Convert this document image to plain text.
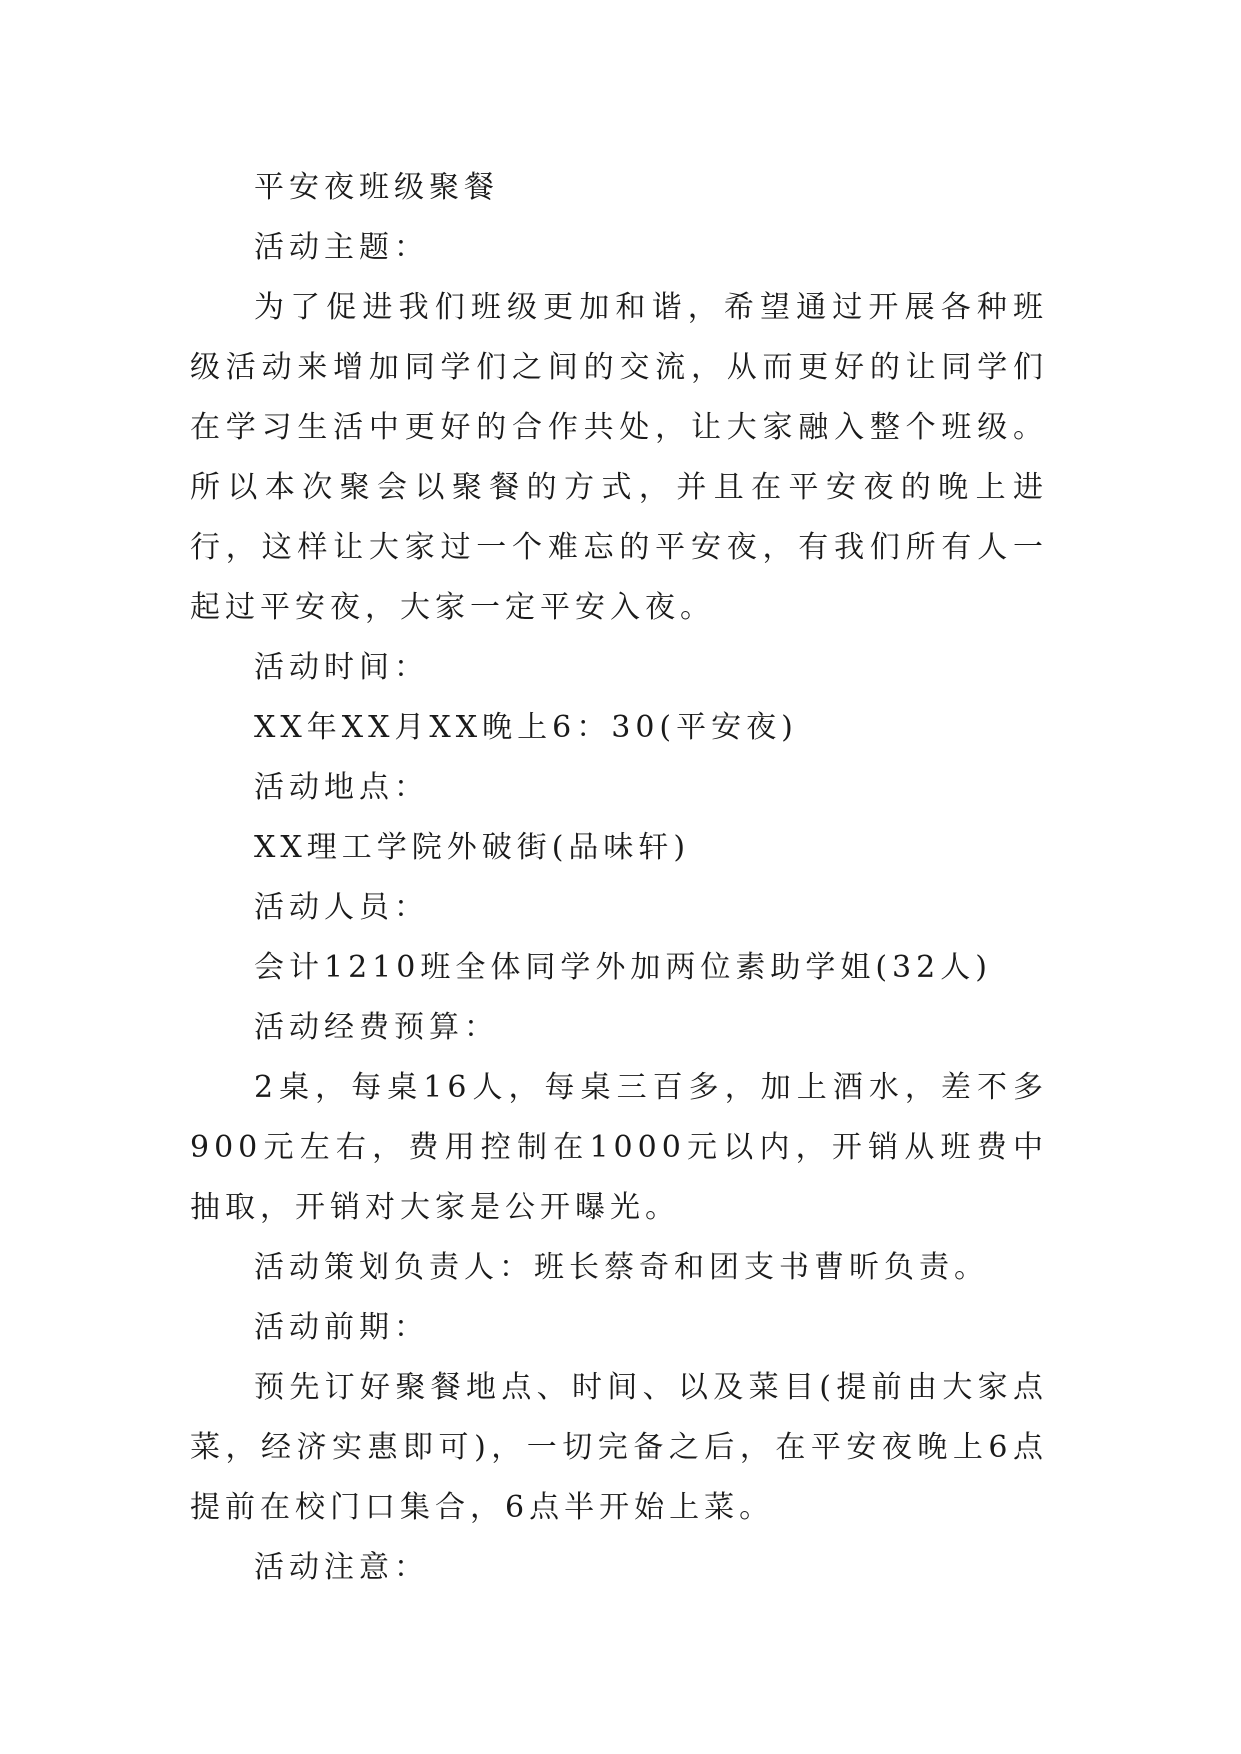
平安夜班级聚餐

活动主题：

为了促进我们班级更加和谐，希望通过开展各种班级活动来增加同学们之间的交流，从而更好的让同学们在学习生活中更好的合作共处，让大家融入整个班级。所以本次聚会以聚餐的方式，并且在平安夜的晚上进行，这样让大家过一个难忘的平安夜，有我们所有人一起过平安夜，大家一定平安入夜。

活动时间：

XX年XX月XX晚上6：30(平安夜)

活动地点：

XX理工学院外破街(品味轩)

活动人员：

会计1210班全体同学外加两位素助学姐(32人)

活动经费预算：

2桌，每桌16人，每桌三百多，加上酒水，差不多900元左右，费用控制在1000元以内，开销从班费中抽取，开销对大家是公开曝光。

活动策划负责人：班长蔡奇和团支书曹昕负责。

活动前期：

预先订好聚餐地点、时间、以及菜目(提前由大家点菜，经济实惠即可)，一切完备之后，在平安夜晚上6点提前在校门口集合，6点半开始上菜。

活动注意：
